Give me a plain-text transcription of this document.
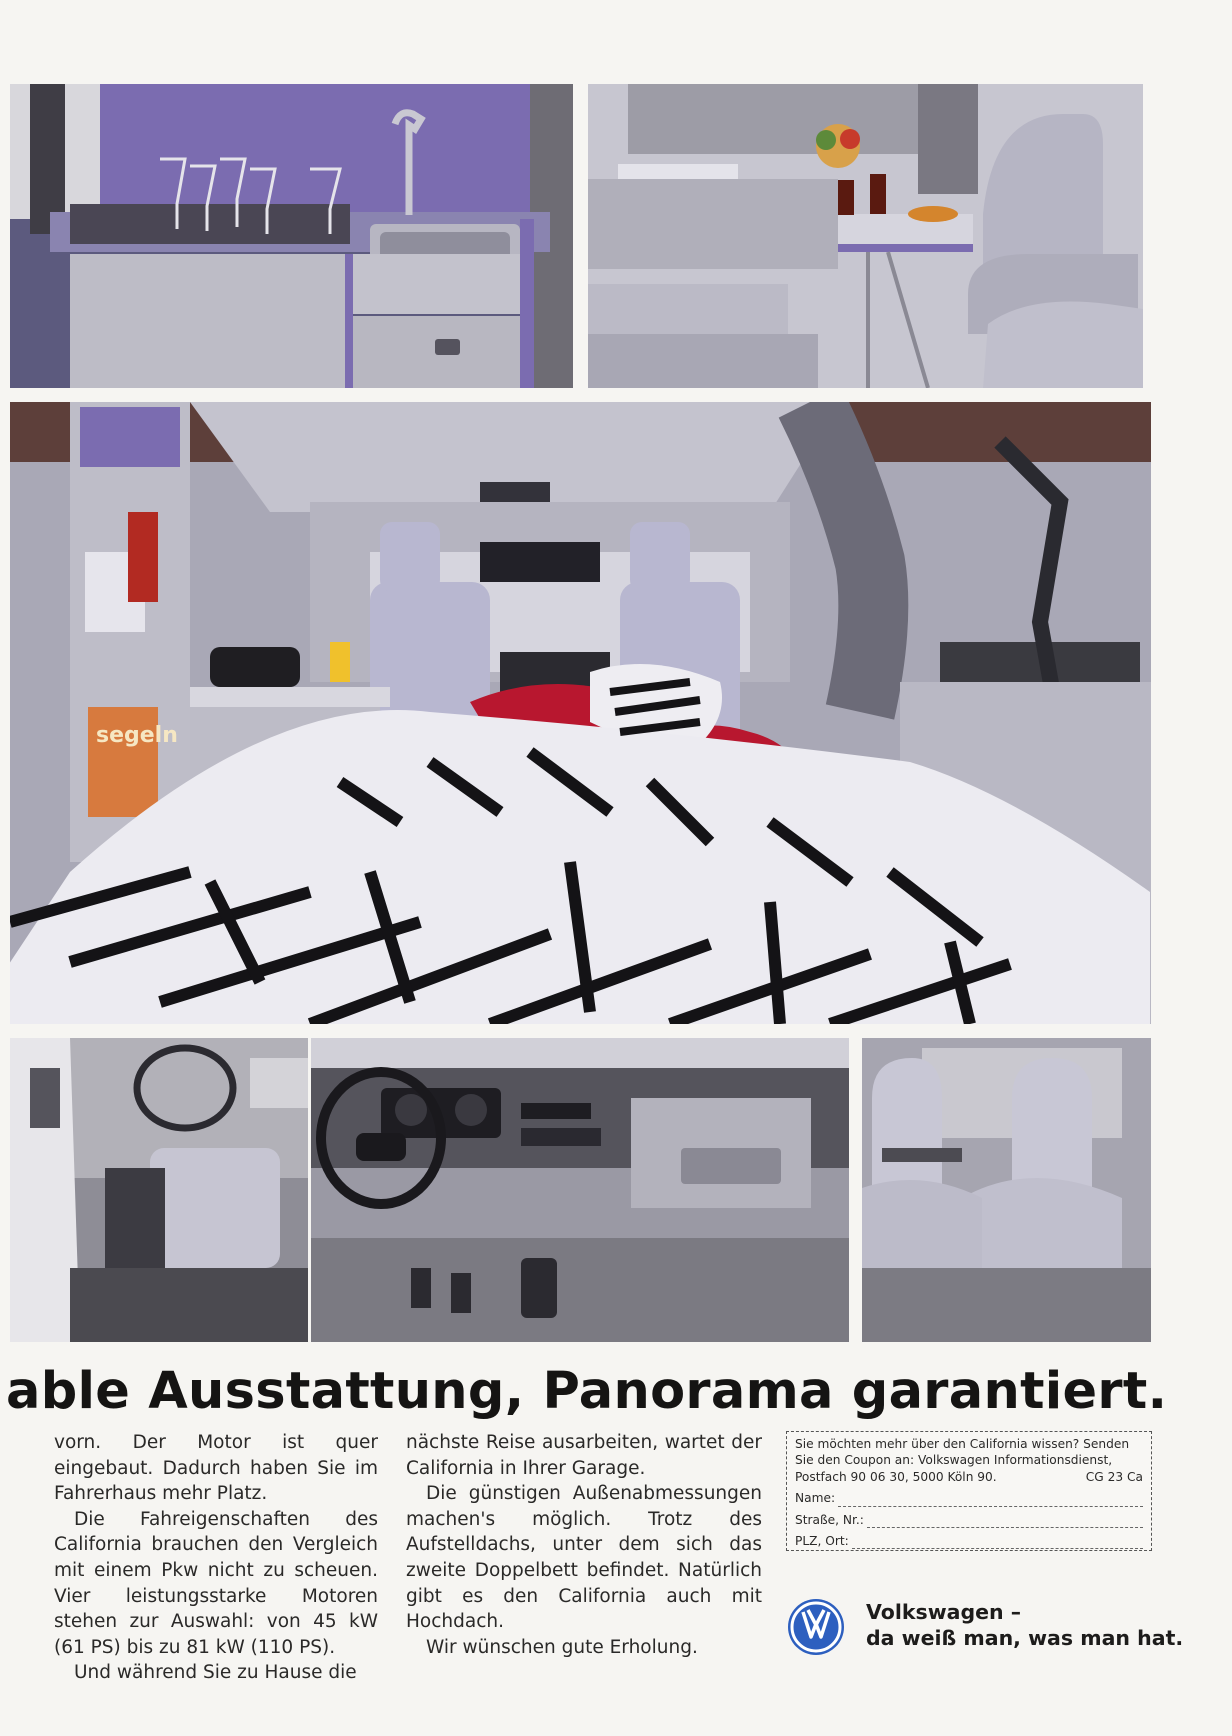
segeln
able Ausstattung, Panorama garantiert.

vorn. Der Motor ist quer eingebaut. Dadurch haben Sie im Fahrerhaus mehr Platz.

Die Fahreigenschaften des California brauchen den Vergleich mit einem Pkw nicht zu scheuen. Vier leistungsstarke Motoren stehen zur Auswahl: von 45 kW (61 PS) bis zu 81 kW (110 PS).

Und während Sie zu Hause die

nächste Reise ausarbeiten, wartet der California in Ihrer Garage.

Die günstigen Außenabmessungen machen's möglich. Trotz des Aufstelldachs, unter dem sich das zweite Doppelbett befindet. Natürlich gibt es den California auch mit Hochdach.

Wir wünschen gute Erholung.

Sie möchten mehr über den California wissen? Senden Sie den Coupon an: Volkswagen Informationsdienst,

Postfach 90 06 30, 5000 Köln 90.	CG 23 Ca
Name:
Straße, Nr.:
PLZ, Ort:
Volkswagen –
da weiß man, was man hat.
